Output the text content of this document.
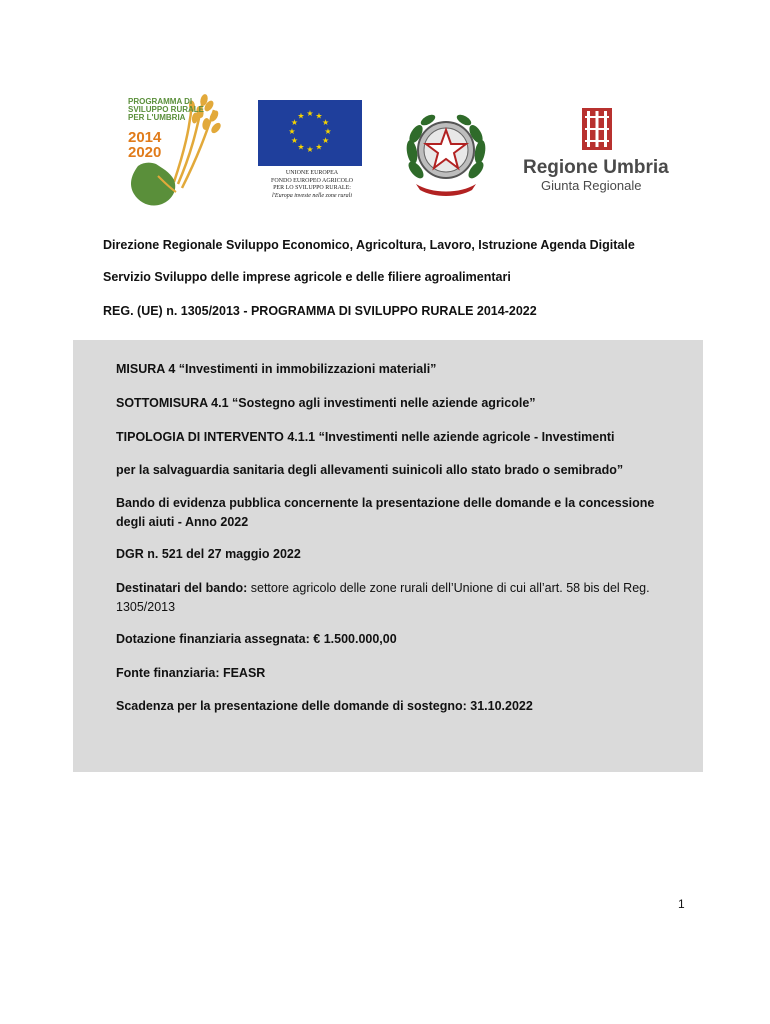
PROGRAMMA DI
SVILUPPO RURALE
PER L'UMBRIA
2014
2020
★ ★
★
★
★
★
★
★
★
★
★
★
UNIONE EUROPEA
FONDO EUROPEO AGRICOLO
PER LO SVILUPPO RURALE:
l'Europa investe nelle zone rurali
Regione Umbria
Giunta Regionale
Direzione Regionale Sviluppo Economico, Agricoltura, Lavoro, Istruzione Agenda Digitale
Servizio Sviluppo delle imprese agricole e delle filiere agroalimentari
REG. (UE) n. 1305/2013 - PROGRAMMA DI SVILUPPO RURALE 2014-2022
MISURA 4 “Investimenti in immobilizzazioni materiali”
SOTTOMISURA 4.1 “Sostegno agli investimenti nelle aziende agricole”
TIPOLOGIA DI INTERVENTO 4.1.1 “Investimenti nelle aziende agricole - Investimenti
per la salvaguardia sanitaria degli allevamenti suinicoli allo stato brado o semibrado”
Bando di evidenza pubblica concernente la presentazione delle domande e la concessione degli aiuti - Anno 2022
DGR n. 521 del 27 maggio 2022
Destinatari del bando: settore agricolo delle zone rurali dell’Unione di cui all’art. 58 bis del Reg. 1305/2013
Dotazione finanziaria assegnata: € 1.500.000,00
Fonte finanziaria: FEASR
Scadenza per la presentazione delle domande di sostegno: 31.10.2022
1
